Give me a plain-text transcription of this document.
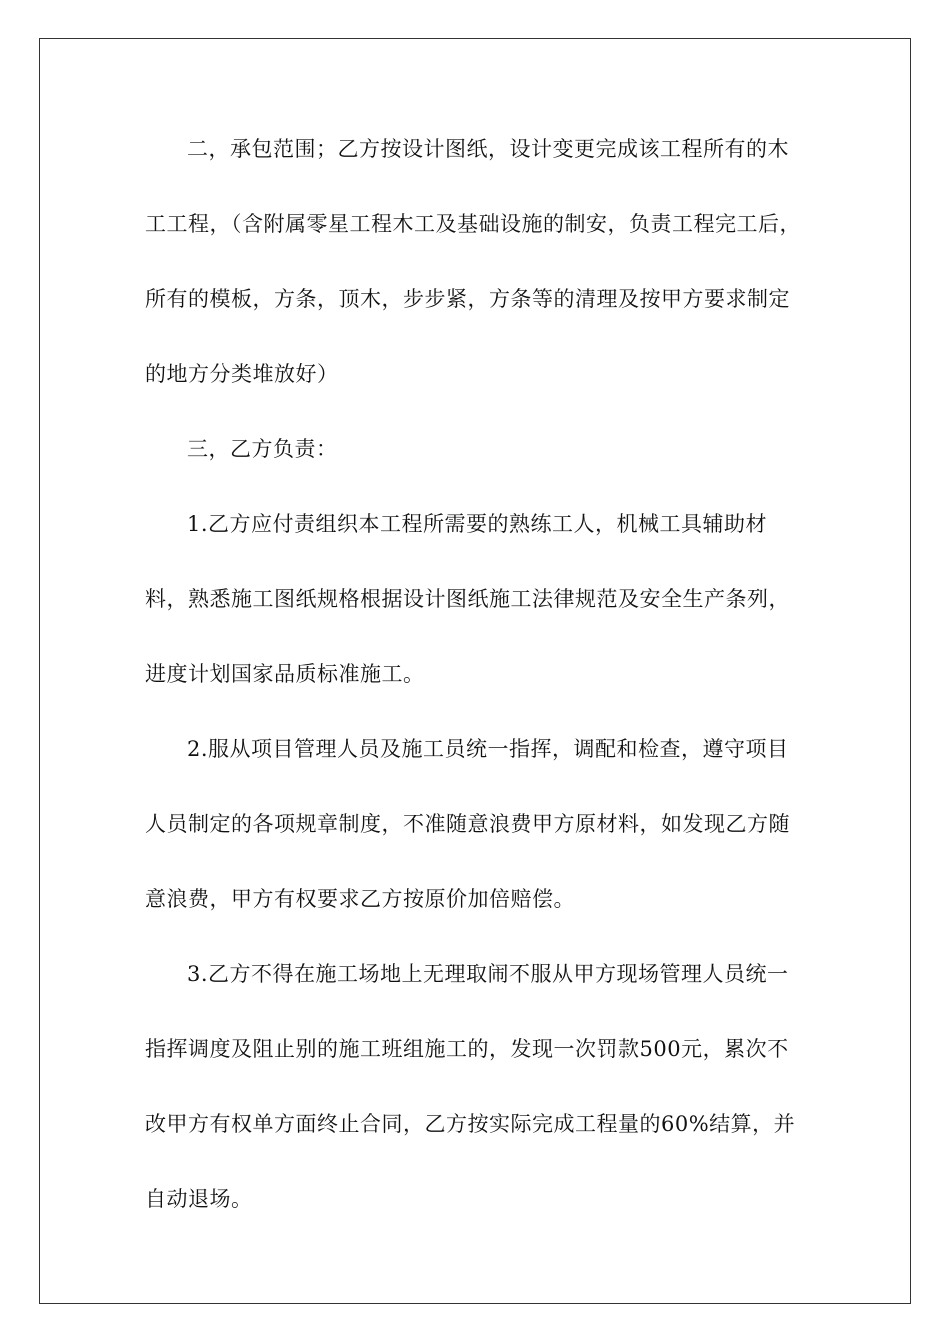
二，承包范围；乙方按设计图纸，设计变更完成该工程所有的木工工程，（含附属零星工程木工及基础设施的制安，负责工程完工后，所有的模板，方条，顶木，步步紧，方条等的清理及按甲方要求制定的地方分类堆放好）

三，乙方负责：

1.乙方应付责组织本工程所需要的熟练工人，机械工具辅助材料，熟悉施工图纸规格根据设计图纸施工法律规范及安全生产条列，进度计划国家品质标准施工。

2.服从项目管理人员及施工员统一指挥，调配和检查，遵守项目人员制定的各项规章制度，不准随意浪费甲方原材料，如发现乙方随意浪费，甲方有权要求乙方按原价加倍赔偿。

3.乙方不得在施工场地上无理取闹不服从甲方现场管理人员统一指挥调度及阻止别的施工班组施工的，发现一次罚款500元，累次不改甲方有权单方面终止合同，乙方按实际完成工程量的60%结算，并自动退场。
